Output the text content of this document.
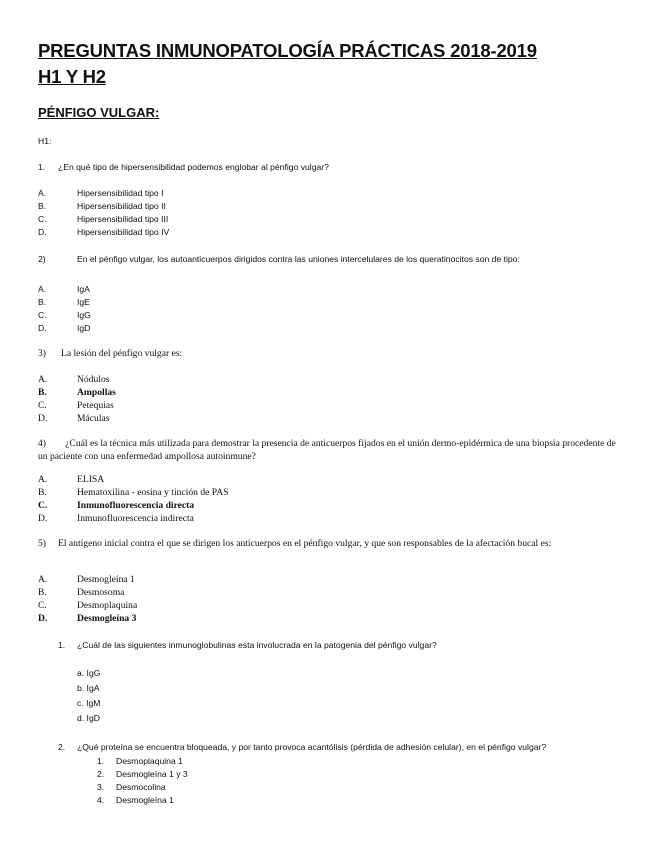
PREGUNTAS INMUNOPATOLOGÍA PRÁCTICAS 2018-2019
H1 Y H2
PÉNFIGO VULGAR:
H1:
1. ¿En qué tipo de hipersensibilidad podemos englobar al pénfigo vulgar?
A.	Hipersensibilidad tipo I
B.	Hipersensibilidad tipo II
C.	Hipersensibilidad tipo III
D.	Hipersensibilidad tipo IV
2)	En el pénfigo vulgar, los autoanticuerpos dirigidos contra las uniones intercelulares de los queratinocitos son de tipo:
A.	IgA
B.	IgE
C.	IgG
D.	IgD
3) La lesión del pénfigo vulgar es:
A.	Nódulos
B.	Ampollas
C.	Petequias
D.	Máculas
4)        ¿Cuál es la técnica más utilizada para demostrar la presencia de anticuerpos fijados en el unión dermo-epidérmica de una biopsia procedente de un paciente con una enfermedad ampollosa autoinmune?
A.	ELISA
B.	Hematoxilina - eosina y tinción de PAS
C.	Inmunofluorescencia directa
D.	Inmunofluorescencia indirecta
5)     El antígeno inicial contra el que se dirigen los anticuerpos en el pénfigo vulgar, y que son responsables de la afectación bucal es:
A.	Desmogleína 1
B.	Desmosoma
C.	Desmoplaquina
D.	Desmogleína 3
1. ¿Cuál de las siguientes inmunoglobulinas esta involucrada en la patogenia del pénfigo vulgar?
a. IgG
b. IgA
c. IgM
d. IgD
2. ¿Qué proteína se encuentra bloqueada, y por tanto provoca acantólisis (pérdida de adhesión celular), en el pénfigo vulgar?
1. Desmoplaquina 1
2. Desmogleína 1 y 3
3. Desmocolina
4. Desmogleína 1
